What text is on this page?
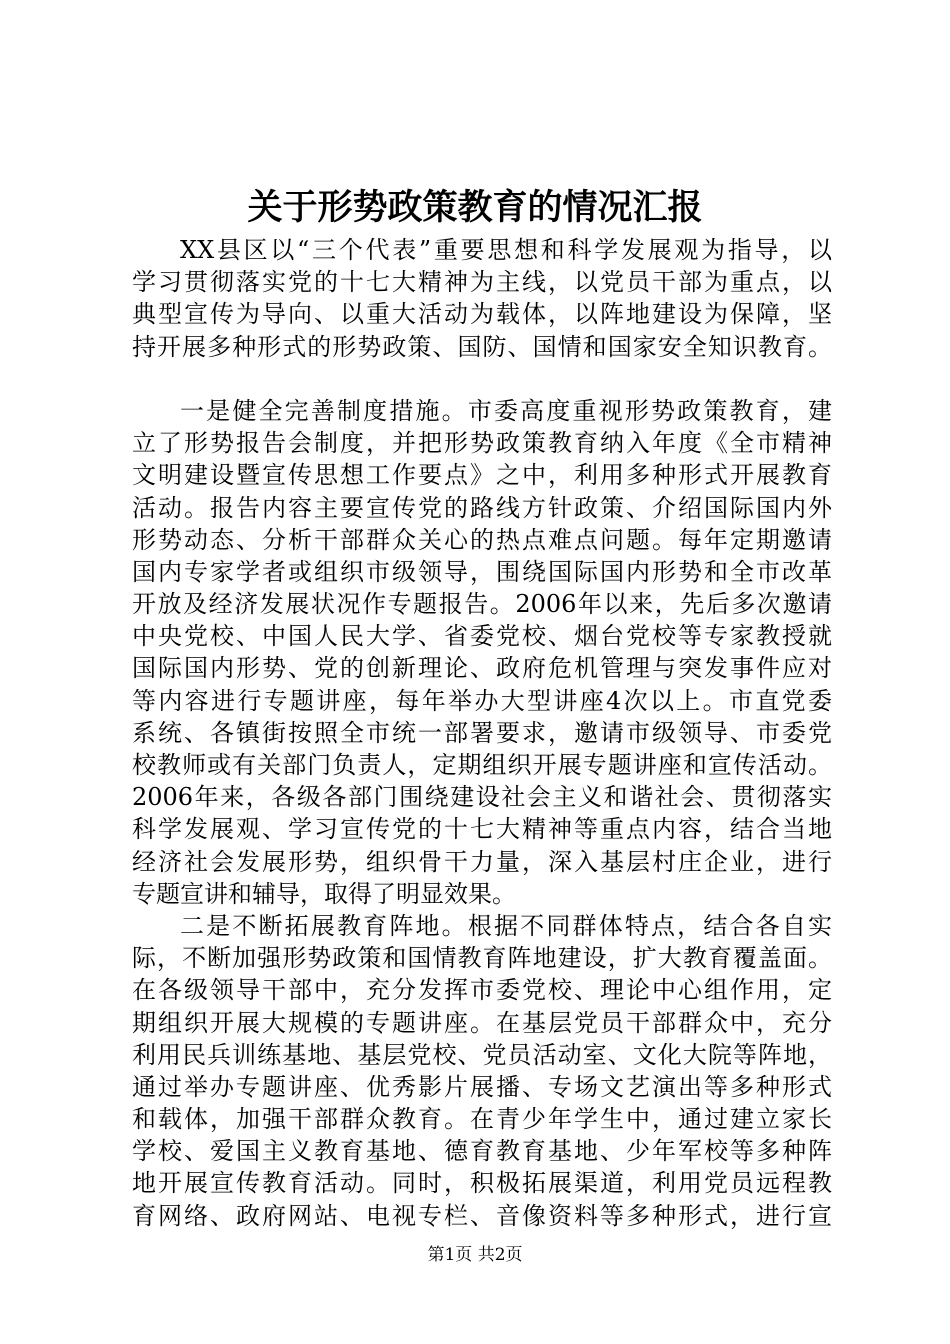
关于形势政策教育的情况汇报
XX县区以“三个代表”重要思想和科学发展观为指导，以
学习贯彻落实党的十七大精神为主线，以党员干部为重点，以
典型宣传为导向、以重大活动为载体，以阵地建设为保障，坚
持开展多种形式的形势政策、国防、国情和国家安全知识教育。
一是健全完善制度措施。市委高度重视形势政策教育，建
立了形势报告会制度，并把形势政策教育纳入年度《全市精神
文明建设暨宣传思想工作要点》之中，利用多种形式开展教育
活动。报告内容主要宣传党的路线方针政策、介绍国际国内外
形势动态、分析干部群众关心的热点难点问题。每年定期邀请
国内专家学者或组织市级领导，围绕国际国内形势和全市改革
开放及经济发展状况作专题报告。2006年以来，先后多次邀请
中央党校、中国人民大学、省委党校、烟台党校等专家教授就
国际国内形势、党的创新理论、政府危机管理与突发事件应对
等内容进行专题讲座，每年举办大型讲座4次以上。市直党委
系统、各镇街按照全市统一部署要求，邀请市级领导、市委党
校教师或有关部门负责人，定期组织开展专题讲座和宣传活动。
2006年来，各级各部门围绕建设社会主义和谐社会、贯彻落实
科学发展观、学习宣传党的十七大精神等重点内容，结合当地
经济社会发展形势，组织骨干力量，深入基层村庄企业，进行
专题宣讲和辅导，取得了明显效果。
二是不断拓展教育阵地。根据不同群体特点，结合各自实
际，不断加强形势政策和国情教育阵地建设，扩大教育覆盖面。
在各级领导干部中，充分发挥市委党校、理论中心组作用，定
期组织开展大规模的专题讲座。在基层党员干部群众中，充分
利用民兵训练基地、基层党校、党员活动室、文化大院等阵地，
通过举办专题讲座、优秀影片展播、专场文艺演出等多种形式
和载体，加强干部群众教育。在青少年学生中，通过建立家长
学校、爱国主义教育基地、德育教育基地、少年军校等多种阵
地开展宣传教育活动。同时，积极拓展渠道，利用党员远程教
育网络、政府网站、电视专栏、音像资料等多种形式，进行宣
第1页 共2页
